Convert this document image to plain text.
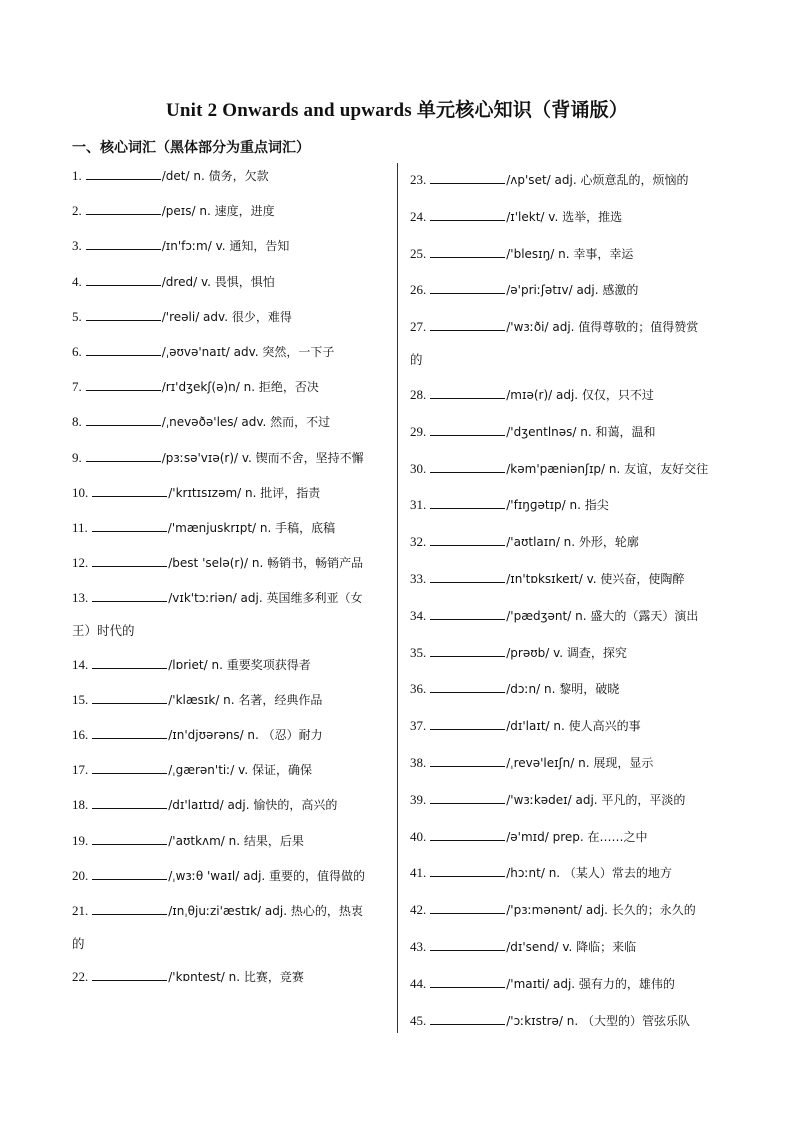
Unit 2 Onwards and upwards 单元核心知识（背诵版）
一、核心词汇（黑体部分为重点词汇）
1.	/det/ n. 债务，欠款
2.	/peɪs/ n. 速度，进度
3.	/ɪn'fɔːm/ v. 通知，告知
4.	/dred/ v. 畏惧，惧怕
5.	/'reəli/ adv. 很少，难得
6.	/ˌəʊvə'naɪt/ adv. 突然，一下子
7.	/rɪ'dʒekʃ(ə)n/ n. 拒绝，否决
8.	/ˌnevəðə'les/ adv. 然而，不过
9.	/pɜːsə'vɪə(r)/ v. 锲而不舍，坚持不懈
10.	/'krɪtɪsɪzəm/ n. 批评，指责
11.	/'mænjuskrɪpt/ n. 手稿，底稿
12.	/best 'selə(r)/ n. 畅销书，畅销产品
13.	/vɪk'tɔːriən/ adj. 英国维多利亚（女
王）时代的
14.	/lɒriet/ n. 重要奖项获得者
15.	/'klæsɪk/ n. 名著，经典作品
16.	/ɪn'djʊərəns/ n. （忍）耐力
17.	/ˌgærən'tiː/ v. 保证，确保
18.	/dɪ'laɪtɪd/ adj. 愉快的，高兴的
19.	/'aʊtkʌm/ n. 结果，后果
20.	/ˌwɜːθ 'waɪl/ adj. 重要的，值得做的
21.	/ɪnˌθjuːzi'æstɪk/ adj. 热心的，热衷
的
22.	/'kɒntest/ n. 比赛，竞赛
23.	/ʌp'set/ adj. 心烦意乱的，烦恼的
24.	/ɪ'lekt/ v. 选举，推选
25.	/'blesɪŋ/ n. 幸事，幸运
26.	/ə'priːʃətɪv/ adj. 感激的
27.	/'wɜːði/ adj. 值得尊敬的；值得赞赏
的
28.	/mɪə(r)/ adj. 仅仅，只不过
29.	/'dʒentlnəs/ n. 和蔼，温和
30.	/kəm'pæniənʃɪp/ n. 友谊，友好交往
31.	/'fɪŋɡətɪp/ n. 指尖
32.	/'aʊtlaɪn/ n. 外形，轮廓
33.	/ɪn'tɒksɪkeɪt/ v. 使兴奋，使陶醉
34.	/'pædʒənt/ n. 盛大的（露天）演出
35.	/prəʊb/ v. 调查，探究
36.	/dɔːn/ n. 黎明，破晓
37.	/dɪ'laɪt/ n. 使人高兴的事
38.	/ˌrevə'leɪʃn/ n. 展现，显示
39.	/'wɜːkədeɪ/ adj. 平凡的，平淡的
40.	/ə'mɪd/ prep. 在……之中
41.	/hɔːnt/ n. （某人）常去的地方
42.	/'pɜːmənənt/ adj. 长久的；永久的
43.	/dɪ'send/ v. 降临；来临
44.	/'maɪti/ adj. 强有力的，雄伟的
45.	/'ɔːkɪstrə/ n. （大型的）管弦乐队
